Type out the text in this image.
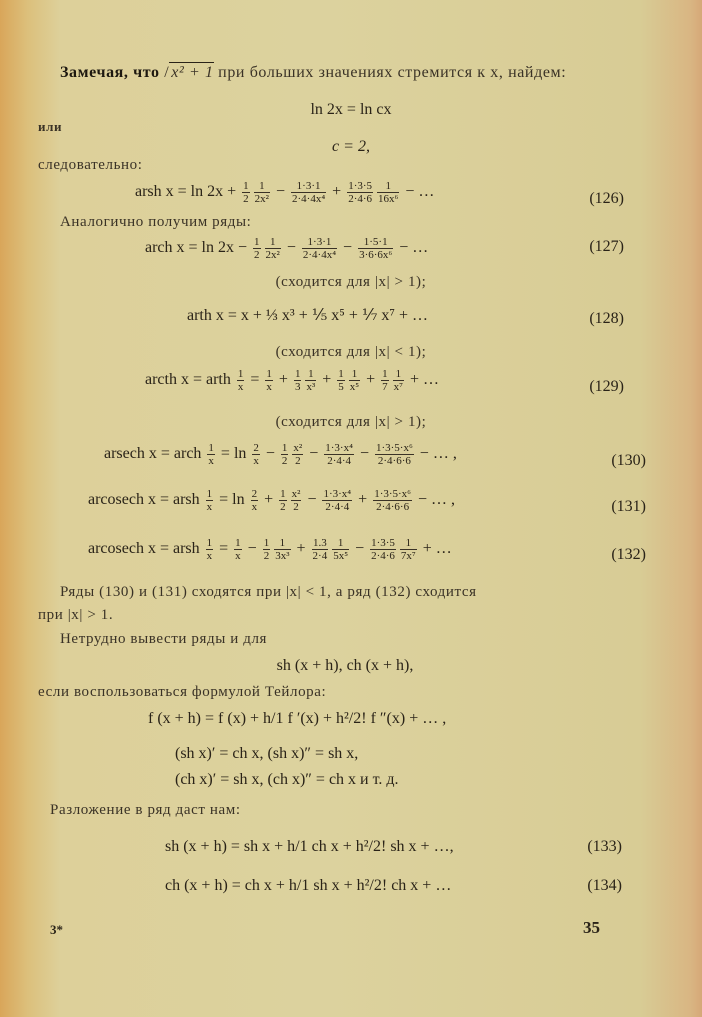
Замечая, что / x² + 1 при больших значениях стремится к x, найдем:
ln 2x = ln cx
или
c = 2,
следовательно:
arsh $x = \ln 2x + \frac{1}{2} \frac{1}{\text{2x²}} - \frac{1\cdot 3\cdot 1}{\text{2·4·4x⁴}} + \frac{1\cdot 3\cdot 5}{2\cdot 4\cdot 6} \frac{1}{\text{16x⁶}}$ − …	(126)
Аналогично получим ряды:
arch $x = \ln 2x - \frac{1}{2} \frac{1}{\text{2x²}} - \frac{1\cdot 3\cdot 1}{\text{2·4·4x⁴}} - \frac{1\cdot 5\cdot 1}{\text{3·6·6x⁶}}$ − …	(127)
(сходится для |x| > 1);
arth x = x + ⅓ x³ + ⅕ x⁵ + ⅐ x⁷ + …	(128)
(сходится для |x| < 1);
arcth x = arth $\frac{1}{x} = \frac{1}{x} + \frac{1}{3} \frac{1}{\text{x³}} + \frac{1}{5} \frac{1}{\text{x⁵}} + \frac{1}{7} \frac{1}{\text{x⁷}}$ + …	(129)
(сходится для |x| > 1);
arsech x = arch $\frac{1}{x} = \ln \frac{2}{x} - \frac{1}{2} \frac{\text{x²}}{2} - \frac{\text{1·3·x⁴}}{2\cdot 4\cdot 4} - \frac{\text{1·3·5·x⁶}}{2\cdot 4\cdot 6\cdot 6}$ − … ,	(130)
arcosech x = arsh $\frac{1}{x} = \ln \frac{2}{x} + \frac{1}{2} \frac{\text{x²}}{2} - \frac{\text{1·3·x⁴}}{2\cdot 4\cdot 4} + \frac{\text{1·3·5·x⁶}}{2\cdot 4\cdot 6\cdot 6}$ − … ,	(131)
arcosech x = arsh $\frac{1}{x} = \frac{1}{x} - \frac{1}{2} \frac{1}{\text{3x³}} + \frac{1.3}{2\cdot 4} \frac{1}{\text{5x⁵}} - \frac{1\cdot 3\cdot 5}{2\cdot 4\cdot 6} \frac{1}{\text{7x⁷}}$ + …	(132)
Ряды (130) и (131) сходятся при |x| < 1, а ряд (132) сходится
при |x| > 1.
Нетрудно вывести ряды и для
sh (x + h), ch (x + h),
если воспользоваться формулой Тейлора:
f (x + h) = f (x) + h/1 f ′(x) + h²/2! f ″(x) + … ,
(sh x)′ = ch x, (sh x)″ = sh x,
(ch x)′ = sh x, (ch x)″ = ch x и т. д.
Разложение в ряд даст нам:
sh (x + h) = sh x + h/1 ch x + h²/2! sh x + …,	(133)
ch (x + h) = ch x + h/1 sh x + h²/2! ch x + …	(134)
3*	35
